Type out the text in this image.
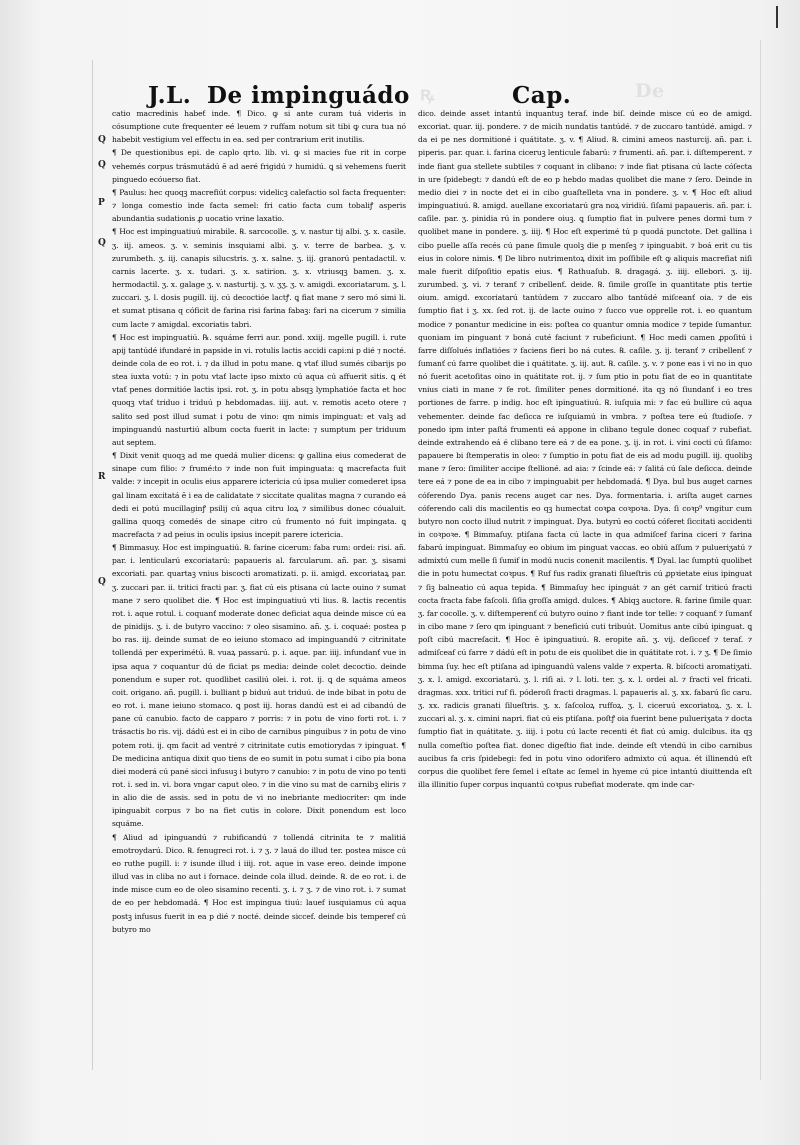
J.L. De impinguádo ꝶ	Cap.	De
Q
Q
P
Q
R
Q

catio macredinis habeť inde. ¶ Dico. ꝙ si ante curam tuá videris in cósumptione cute frequenter eé leuem ⁊ ruffam notum sit tibi ꝙ cura tua nó habebit vestigium vel effectu in ea. sed per contrarium erit inutilis.

¶ De questionibus epi. de caplo qrto. lib. vi. ꝙ si macies fue rit in corpe vehemés corpus trásmutádú ē ad aeré frigidú ⁊ humidú. ꝗ si vehemens fuerit pinguedo ecóuerso fiat.

¶ Paulus: hec quoqꝫ macrefiút corpus: videlicꝫ calefactio sol facta frequenter: ⁊ longa comestio inde facta semel: fri catio facta cum tobaliꝭ asperis abundantia sudationis ꝓ uocatio vrine laxatio.

¶ Hoc est impinguatiuú mirabile. ℞. sarcocolle. ʒ. v. nastur tij albi. ʒ. x. casile. ʒ. iij. ameos. ʒ. v. seminis insquiami albi. ʒ. v. terre de barbea. ʒ. v. zurumbeth. ʒ. iij. canapis silucstris. ʒ. x. salne. ʒ. iij. granorú pentadactil. v. carnis lacerte. ʒ. x. tudari. ʒ. x. satirion. ʒ. x. vtriusqꝫ bamen. ʒ. x. hermodactil. ʒ. x. galage ʒ. v. nasturtij. ʒ. v. ʒʒ. ʒ. v. amigdi. excoriatarum. ʒ. l. zuccari. ʒ. l. dosis pugill. iij. cú decoctióe lactꝭ. ꝗ fiat mane ⁊ sero mó simi li. et sumat ptisana q cóficit de farina risi farina fabaꝫ: fari na cicerum ⁊ similia cum lacte ⁊ amigdal. excoriatis tabri.

¶ Hoc est impinguatiú. ℞. squáme ferri aur. pond. xxiij. mgelle pugill. i. rute apij tantúdé ifundaré in papside in vi. rotulis lactis accidi capi:ni p dié ⁊ nocté. deinde cola de eo rot. i. ⁊ da illud in potu mane. ꝗ vtať illud sumés cibarijs po stea iuxta votú: ⁊ in potu vtať lacte ipso mixto cú aqua cú affuerit sitis. ꝗ ét vtať penes dormitióe lactis ipsi. rot. ʒ. in potu absqꝫ lymphatióe facta et hoc quoqꝫ vtať triduo i triduú p hebdomadas. iiij. aut. v. remotis aceto otere ⁊ salito sed post illud sumat i potu de vino: qm nimis impinguat: et valꝫ ad impinguandú nasturtiú album cocta fuerit in lacte: ⁊ sumptum per triduum aut septem.

¶ Dixit venit quoqꝫ ad me quedá mulier dicens: ꝙ gallina eius comederat de sinape cum filio: ⁊ frumé:to ⁊ inde non fuit impinguata: ꝗ macrefacta fuit valde: ⁊ incepit in oculis eius apparere ictericia cú ipsa mulier comederet ipsa gal linam excitatá ē i ea de calidatate ⁊ siccitate qualitas magna ⁊ curando eá dedi ei potú mucillaginꝭ psilij cú aqua citru loꝝ ⁊ similibus donec cóualuit. gallina quoqꝫ comedés de sinape citro cú frumento nó fuit impingata. ꝗ macrefacta ⁊ ad peius in oculis ipsius incepit parere ictericia.

¶ Bimmasuy. Hoc est impinguatiú. ℞. farine cicerum: faba rum: ordei: risi. añ. par. i. lenticularú excoriatarú: papaueris al. farcularum. añ. par. ʒ. sisami excoriati. par. quartaꝫ vnius biscocti aromatizati. p. ii. amigd. excoriataꝝ par. ʒ. zuccari par. ii. tritici fracti par. ʒ. fiat cú eis ptisana cú lacte ouino ⁊ sumat mane ⁊ sero quolibet die. ¶ Hoc est impinguatiuú vti lius. ℞. lactis recentis rot. i. aque rotul. i. coquanť moderate donec deficiat aqua deinde misce cú ea de pinidijs. ʒ. i. de butyro vaccino: ⁊ oleo sisamino. añ. ʒ. i. coquaé: postea p bo ras. iij. deinde sumat de eo ieiuno stomaco ad impinguandú ⁊ citrinitate tollendá per experimétú. ℞. vuaꝝ passarú. p. i. aque. par. iiij. infundanť vue in ipsa aqua ⁊ coquantur dú de ficiat ps media: deinde colet decoctio. deinde ponendum e super rot. quodlibet casiliú olei. i. rot. ij. ꝗ de squáma ameos coit. origano. añ. pugill. i. bulliant p biduú aut triduú. de inde bibat in potu de eo rot. i. mane ieiuno stomaco. ꝗ post iij. horas dandú est ei ad cibandú de pane cú canubio. facto de capparo ⁊ porris: ⁊ in potu de vino forti rot. i. ⁊ trásactis bo ris. vij. dádú est ei in cibo de carnibus pinguibus ⁊ in potu de vino potem roti. ij. qm facit ad ventré ⁊ citrinitate cutis emotiorydas ⁊ ipinguat. ¶ De medicina antiqua dixit quo tiens de eo sumit in potu sumat i cibo pia bona diei moderá cú pané sicci infusuꝫ i butyro ⁊ canubio: ⁊ in potu de vino po tenti rot. i. sed in. vi. bora vngar caput oleo. ⁊ in die vino su mat de carnibꝫ eliris ⁊ in alio die de assis. sed in potu de vi no inebriante mediocriter: qm inde ipinguabit corpus ⁊ bo na fiet cutis in colore. Dixit ponendum est loco squáme.

¶ Aliud ad ipinguandú ⁊ rubificandú ⁊ tollendá citrinita te ⁊ malitiá emotroydarú. Dico. ℞. fenugreci rot. i. ⁊ ʒ. ⁊ lauá do illud ter. postea misce cú eo ruthe pugill. i: ⁊ isunde illud i iiij. rot. aque in vase ereo. deinde impone illud vas in cliba no aut i fornace. deinde cola illud. deinde. ℞. de eo rot. i. de inde misce cum eo de oleo sisamino recenti. ʒ. i. ⁊ ʒ. ⁊ de vino rot. i. ⁊ sumat de eo per hebdomadá. ¶ Hoc est impingua tiuú: lauef iusquiamus cú aqua postꝫ infusus fuerit in ea p dié ⁊ nocté. deinde siccef. deinde bis temperef cú butyro mo

dico. deinde asset intantú inquantuꝫ teraf. inde biſ. deinde misce cú eo de amigd. excoriat. quar. iij. pondere. ⁊ de micih nundatis tantúdé. ⁊ de zuccaro tantúdé. amigd. ⁊ da ei pe nes dormitioné i quátitate. ʒ. v. ¶ Aliud. ℞. cimini ameos nasturcij. añ. par. i. piperis. par. quar. i. farina ciceruꝫ lenticule fabarú: ⁊ frumenti. añ. par. i. diſtemperent. ⁊ inde fiant gua stellete subtiles ⁊ coquant in clibano: ⁊ inde fiat ptisana cú lacte cóſecta in ure ſpidebegt: ⁊ dandú eſt de eo p hebdo madas quolibet die mane ⁊ ſero. Deinde in medio diei ⁊ in nocte det ei in cibo guaſtelleta vna in pondere. ʒ. v. ¶ Hoc eſt aliud impinguatiuú. ℞. amigd. auellane excoriatarú gra noꝝ viridiú. ſiſami papaueris. añ. par. i. caſile. par. ʒ. pinidia rú in pondere oiuꝫ. ꝗ ſumptio fiat in pulvere penes dormi tum ⁊ quolibet mane in pondere. ʒ. iiij. ¶ Hoc eſt experimé tú p quodá punctote. Det gallina i cibo puelle aſſa recés cú pane ſimule quolꝫ die p menſeꝫ ⁊ ipinguabit. ⁊ boá erit cu tis eius in colore nimis. ¶ De libro nutrimentoꝝ dixit im poſſibile eſt ꝙ aliquis macrefiat niſi male fuerit diſpoſitio epatis eius. ¶ Rathuaſub. ℞. dragagá. ʒ. iiij. ellebori. ʒ. iij. zurumbed. ʒ. vi. ⁊ teranť ⁊ cribellenť. deide. ℞. ſimile groſſe in quantitate ptis tertie oium. amigd. excoriatarú tantúdem ⁊ zuccaro albo tantúdé miſceanť oia. ⁊ de eis ſumptio fiat i ʒ. xx. ſed rot. ij. de lacte ouino ⁊ ſucco vue opprelle rot. i. eo quantum modice ⁊ ponantur medicine in eis: poſtea co quantur omnia modice ⁊ tepide ſumantur. quoniam im pinguant ⁊ boná cuté faciunt ⁊ rubeficiunt. ¶ Hoc medi camen ꝓpoſitú i farre diſſolués inflatióes ⁊ faciens fieri bo ná cutes. ℞. caſile. ʒ. ij. teranť ⁊ cribellenť ⁊ ſumanť cú farre quolibet die i quátitate. ʒ. iij. aut. ℞. caſile. ʒ. v. ⁊ pone eas i vi no in quo nó fuerit acetoſitas oino in quátitate rot. ij. ⁊ ſum ptio in potu fiat de eo in quantitate vnius ciati in mane ⁊ fe rot. ſimiliter penes dormitioné. ita qꝫ nó ſiundanť i eo tres portiones de farre. p indig. hoc eſt ipinguatiuú. ℞. iuſquia mi: ⁊ fac eú bullire cú aqua vehementer. deinde fac deſicca re iuſquiamú in vmbra. ⁊ poſtea tere eú ſtudioſe. ⁊ ponedo ipm inter paſtá frumenti eá appone in clibano tegule donec coquaf ⁊ rubefiat. deinde extrahendo eá é clibano tere eá ⁊ de ea pone. ʒ. ij. in rot. i. vini cocti cú ſiſamo: papauere bi ſtemperatis in oleo: ⁊ ſumptio in potu fiat de eis ad modu pugill. iij. quolibꝫ mane ⁊ ſero: ſimiliter accipe ſtellioné. ad aia: ⁊ ſcinde eá: ⁊ ſalitá cú ſale deſicca. deinde tere eá ⁊ pone de ea in cibo ⁊ impinguabit per hebdomadá. ¶ Dya. bul bus auget carnes cóferendo Dya. panis recens auget car nes. Dya. formentaria. i. ariſta auget carnes cóferendo cali dis macilentis eo qꝫ humectat coꝛꝑa coꝛpoꝛa. Dya. ſi coꝛp⁹ vngitur cum butyro non cocto illud nutrit ⁊ impinguat. Dya. butyrú eo coctú cóferet ſiccitati accidenti in coꝛpoꝛe. ¶ Bimmaſuy. ptiſana facta cú lacte in qua admiſcef farina ciceri ⁊ farina fabarú impinguat. Bimmaſuy eo obium im pinguat vaccas. eo obiú aſſum ⁊ pulueriʒatú ⁊ admixtú cum melle ſi ſumif in modú nucis conenit macilentis. ¶ Dyal. lac ſumptú quolibet die in potu humectat coꝛpus. ¶ Ruf fus radix granati ſilueſtris cú ꝓpꝛietate eius ipinguat ⁊ ſiꝫ balneatio cú aqua tepida. ¶ Bimmaſuy hec ipinguát ⁊ an gét carniſ triticú fracti cocta fracta fabe faſcoli. ſiſia groſſa amigd. dulces. ¶ Abiqꝫ auctore. ℞. farine ſimile quar. ʒ. far cocolle. ʒ. v. diſtemperenť cú butyro ouino ⁊ fiant inde tor telle: ⁊ coquanť ⁊ ſumanť in cibo mane ⁊ ſero qm ipinguant ⁊ beneficiú cuti tribuút. Uomitus ante cibú ipinguat. ꝗ poſt cibú macreſacit. ¶ Hoc ē ipinguatiuú. ℞. eropite añ. ʒ. vij. deſiccef ⁊ teraf. ⁊ admiſceaf cú farre ⁊ dádú eſt in potu de eis quolibet die in quátitate rot. i. ⁊ ʒ. ¶ De ſimio bimma ſuy. hec eſt ptiſana ad ipinguandú valens valde ⁊ experta. ℞. biſcocti aromatiʒati. ʒ. x. l. amigd. excoriatarú. ʒ. l. riſi ai. ⁊ l. loti. ter. ʒ. x. l. ordei al. ⁊ fracti vel fricati. dragmas. xxx. tritici ruf fi. póderoſi fracti dragmas. l. papaueris al. ʒ. xx. fabarú ſic caru. ʒ. xx. radicis granati ſilueſtris. ʒ. x. ſaſcoloꝝ ruffoꝝ. ʒ. l. ciceruú excoriatoꝝ. ʒ. x. l. zuccari al. ʒ. x. cimini napri. fiat cú eis ptiſana. poſtꝭ oia fuerint bene pulueriʒata ⁊ docta ſumptio fiat in quátitate. ʒ. iiij. i potu cú lacte recenti ét fiat cú amig. dulcibus. ita qꝫ nulla comeſtio poſtea fiat. donec digeſtio fiat inde. deinde eſt vtendú in cibo carnibus aucibus fa cris ſpidebegi: fed in potu vino odorifero admixto cú aqua. ét illinendú eſt corpus die quolibet fere ſemel i eſtate ac ſemel in hyeme cú pice intantú diuittenda eſt illa illinitio ſuper corpus inquantú coꝛpus rubefiat moderate. qm inde car-
